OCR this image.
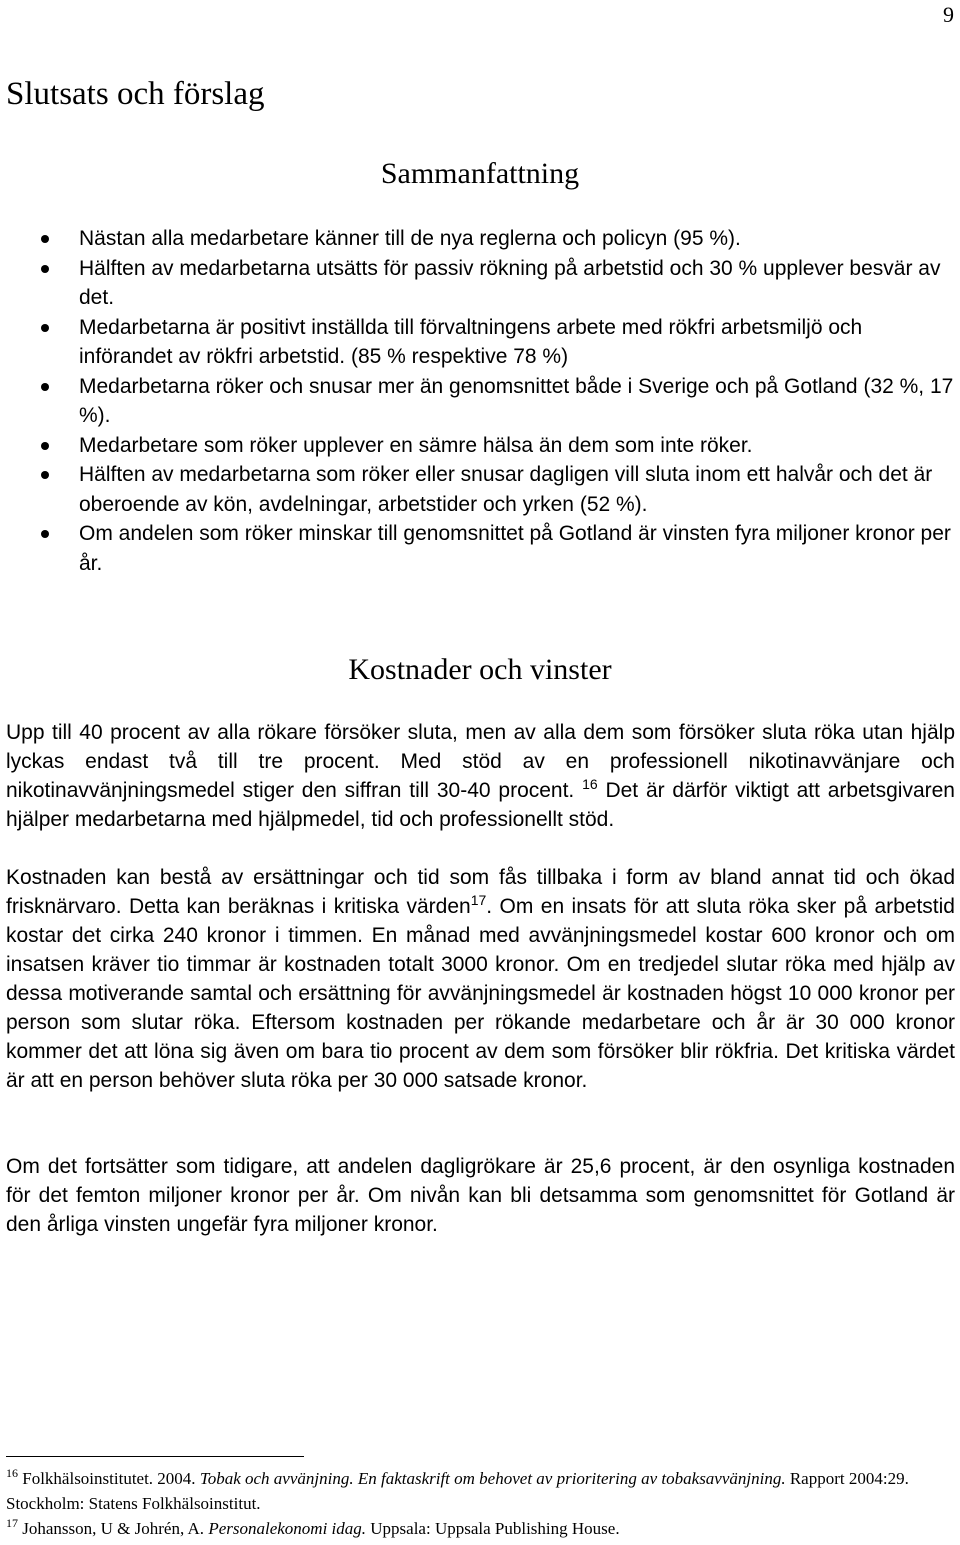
9
Slutsats och förslag
Sammanfattning
Nästan alla medarbetare känner till de nya reglerna och policyn (95 %).
Hälften av medarbetarna utsätts för passiv rökning på arbetstid och 30 % upplever besvär av det.
Medarbetarna är positivt inställda till förvaltningens arbete med rökfri arbetsmiljö och införandet av rökfri arbetstid. (85 % respektive 78 %)
Medarbetarna röker och snusar mer än genomsnittet både i Sverige och på Gotland (32 %, 17 %).
Medarbetare som röker upplever en sämre hälsa än dem som inte röker.
Hälften av medarbetarna som röker eller snusar dagligen vill sluta inom ett halvår och det är oberoende av kön, avdelningar, arbetstider och yrken (52 %).
Om andelen som röker minskar till genomsnittet på Gotland är vinsten fyra miljoner kronor per år.
Kostnader och vinster

Upp till 40 procent av alla rökare försöker sluta, men av alla dem som försöker sluta röka utan hjälp lyckas endast två till tre procent. Med stöd av en professionell nikotinavvänjare och nikotinavvänjningsmedel stiger den siffran till 30-40 procent. $^{16}$ Det är därför viktigt att arbetsgivaren hjälper medarbetarna med hjälpmedel, tid och professionellt stöd.

Kostnaden kan bestå av ersättningar och tid som fås tillbaka i form av bland annat tid och ökad frisknärvaro. Detta kan beräknas i kritiska värden$^{17}$. Om en insats för att sluta röka sker på arbetstid kostar det cirka 240 kronor i timmen. En månad med avvänjningsmedel kostar 600 kronor och om insatsen kräver tio timmar är kostnaden totalt 3000 kronor. Om en tredjedel slutar röka med hjälp av dessa motiverande samtal och ersättning för avvänjningsmedel är kostnaden högst 10 000 kronor per person som slutar röka. Eftersom kostnaden per rökande medarbetare och år är 30 000 kronor kommer det att löna sig även om bara tio procent av dem som försöker blir rökfria. Det kritiska värdet är att en person behöver sluta röka per 30 000 satsade kronor.

Om det fortsätter som tidigare, att andelen dagligrökare är 25,6 procent, är den osynliga kostnaden för det femton miljoner kronor per år. Om nivån kan bli detsamma som genomsnittet för Gotland är den årliga vinsten ungefär fyra miljoner kronor.

$^{16}$ Folkhälsoinstitutet. 2004. Tobak och avvänjning. En faktaskrift om behovet av prioritering av tobaksavvänjning. Rapport 2004:29. Stockholm: Statens Folkhälsoinstitut.
$^{17}$ Johansson, U & Johrén, A. Personalekonomi idag. Uppsala: Uppsala Publishing House.
